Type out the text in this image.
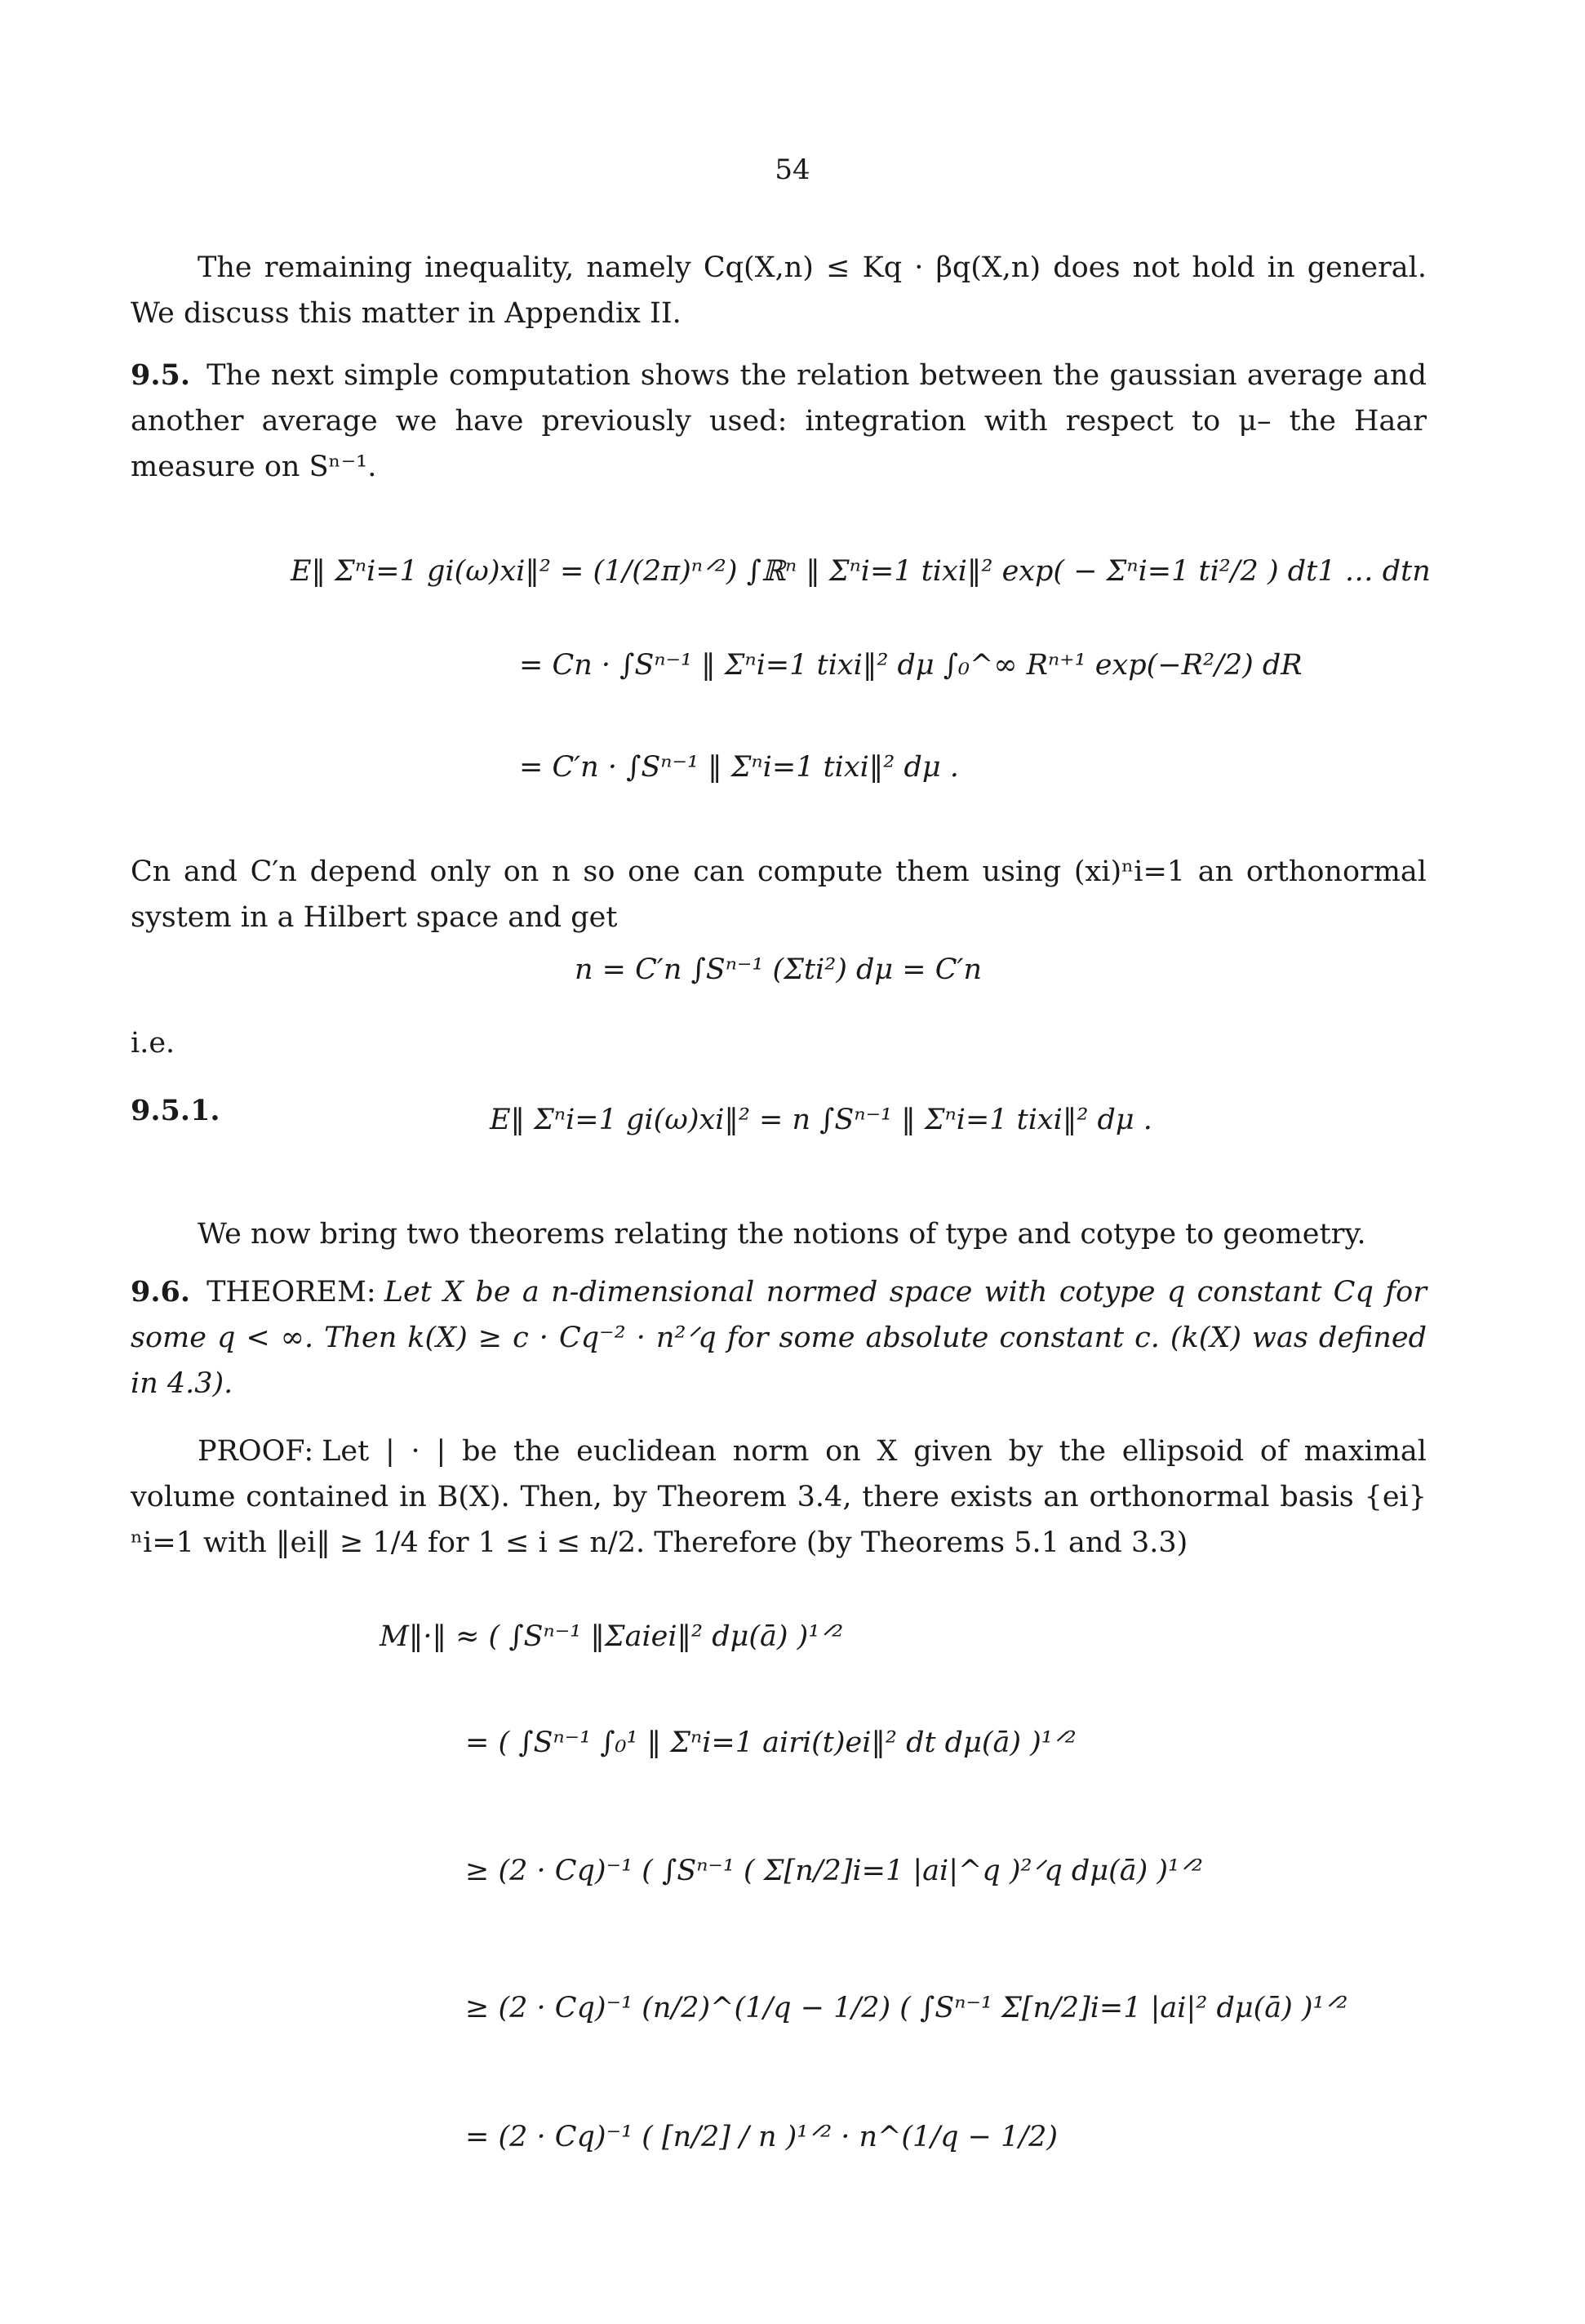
54
The remaining inequality, namely Cq(X,n) ≤ Kq · βq(X,n) does not hold in general. We discuss this matter in Appendix II.
9.5. The next simple computation shows the relation between the gaussian average and another average we have previously used: integration with respect to μ– the Haar measure on Sⁿ⁻¹.
E‖ Σⁿi=1 gi(ω)xi‖² = (1/(2π)ⁿᐟ²) ∫ℝⁿ ‖ Σⁿi=1 tixi‖² exp( − Σⁿi=1 ti²/2 ) dt1 … dtn
= Cn · ∫Sⁿ⁻¹ ‖ Σⁿi=1 tixi‖² dμ ∫₀^∞ Rⁿ⁺¹ exp(−R²/2) dR
= C′n · ∫Sⁿ⁻¹ ‖ Σⁿi=1 tixi‖² dμ .
Cn and C′n depend only on n so one can compute them using (xi)ⁿi=1 an orthonormal system in a Hilbert space and get
n = C′n ∫Sⁿ⁻¹ (Σti²) dμ = C′n
i.e.
9.5.1.	E‖ Σⁿi=1 gi(ω)xi‖² = n ∫Sⁿ⁻¹ ‖ Σⁿi=1 tixi‖² dμ .
We now bring two theorems relating the notions of type and cotype to geometry.
9.6. THEOREM: Let X be a n-dimensional normed space with cotype q constant Cq for some q < ∞. Then k(X) ≥ c · Cq⁻² · n²ᐟq for some absolute constant c. (k(X) was defined in 4.3).
PROOF: Let | · | be the euclidean norm on X given by the ellipsoid of maximal volume contained in B(X). Then, by Theorem 3.4, there exists an orthonormal basis {ei}ⁿi=1 with ‖ei‖ ≥ 1/4 for 1 ≤ i ≤ n/2. Therefore (by Theorems 5.1 and 3.3)
M‖·‖ ≈ ( ∫Sⁿ⁻¹ ‖Σaiei‖² dμ(ā) )¹ᐟ²
= ( ∫Sⁿ⁻¹ ∫₀¹ ‖ Σⁿi=1 airi(t)ei‖² dt dμ(ā) )¹ᐟ²
≥ (2 · Cq)⁻¹ ( ∫Sⁿ⁻¹ ( Σ[n/2]i=1 |ai|^q )²ᐟq dμ(ā) )¹ᐟ²
≥ (2 · Cq)⁻¹ (n/2)^(1/q − 1/2) ( ∫Sⁿ⁻¹ Σ[n/2]i=1 |ai|² dμ(ā) )¹ᐟ²
= (2 · Cq)⁻¹ ( [n/2] / n )¹ᐟ² · n^(1/q − 1/2)
